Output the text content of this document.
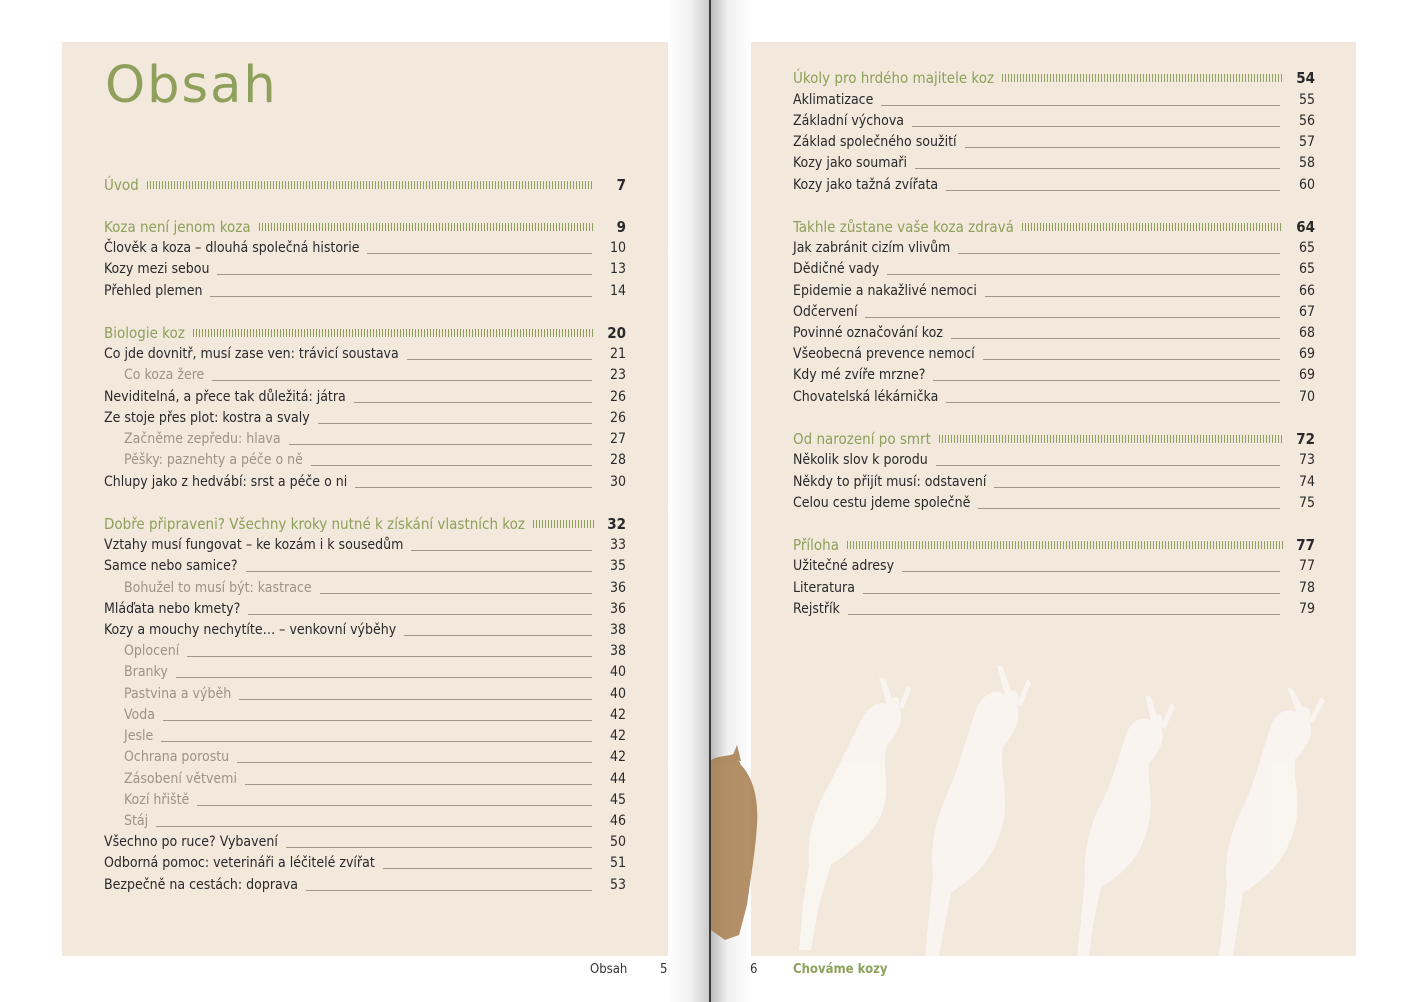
Obsah
Úvod	7
Koza není jenom koza	9
Člověk a koza – dlouhá společná historie	10
Kozy mezi sebou	13
Přehled plemen	14
Biologie koz	20
Co jde dovnitř, musí zase ven: trávicí soustava	21
Co koza žere	23
Neviditelná, a přece tak důležitá: játra	26
Ze stoje přes plot: kostra a svaly	26
Začněme zepředu: hlava	27
Pěšky: paznehty a péče o ně	28
Chlupy jako z hedvábí: srst a péče o ni	30
Dobře připraveni? Všechny kroky nutné k získání vlastních koz	32
Vztahy musí fungovat – ke kozám i k sousedům	33
Samce nebo samice?	35
Bohužel to musí být: kastrace	36
Mláďata nebo kmety?	36
Kozy a mouchy nechytíte… – venkovní výběhy	38
Oplocení	38
Branky	40
Pastvina a výběh	40
Voda	42
Jesle	42
Ochrana porostu	42
Zásobení větvemi	44
Kozí hřiště	45
Stáj	46
Všechno po ruce? Vybavení	50
Odborná pomoc: veterináři a léčitelé zvířat	51
Bezpečně na cestách: doprava	53
Úkoly pro hrdého majitele koz	54
Aklimatizace	55
Základní výchova	56
Základ společného soužití	57
Kozy jako soumaři	58
Kozy jako tažná zvířata	60
Takhle zůstane vaše koza zdravá	64
Jak zabránit cizím vlivům	65
Dědičné vady	65
Epidemie a nakažlivé nemoci	66
Odčervení	67
Povinné označování koz	68
Všeobecná prevence nemocí	69
Kdy mé zvíře mrzne?	69
Chovatelská lékárnička	70
Od narození po smrt	72
Několik slov k porodu	73
Někdy to přijít musí: odstavení	74
Celou cestu jdeme společně	75
Příloha	77
Užitečné adresy	77
Literatura	78
Rejstřík	79
Obsah	5	6	Chováme kozy
